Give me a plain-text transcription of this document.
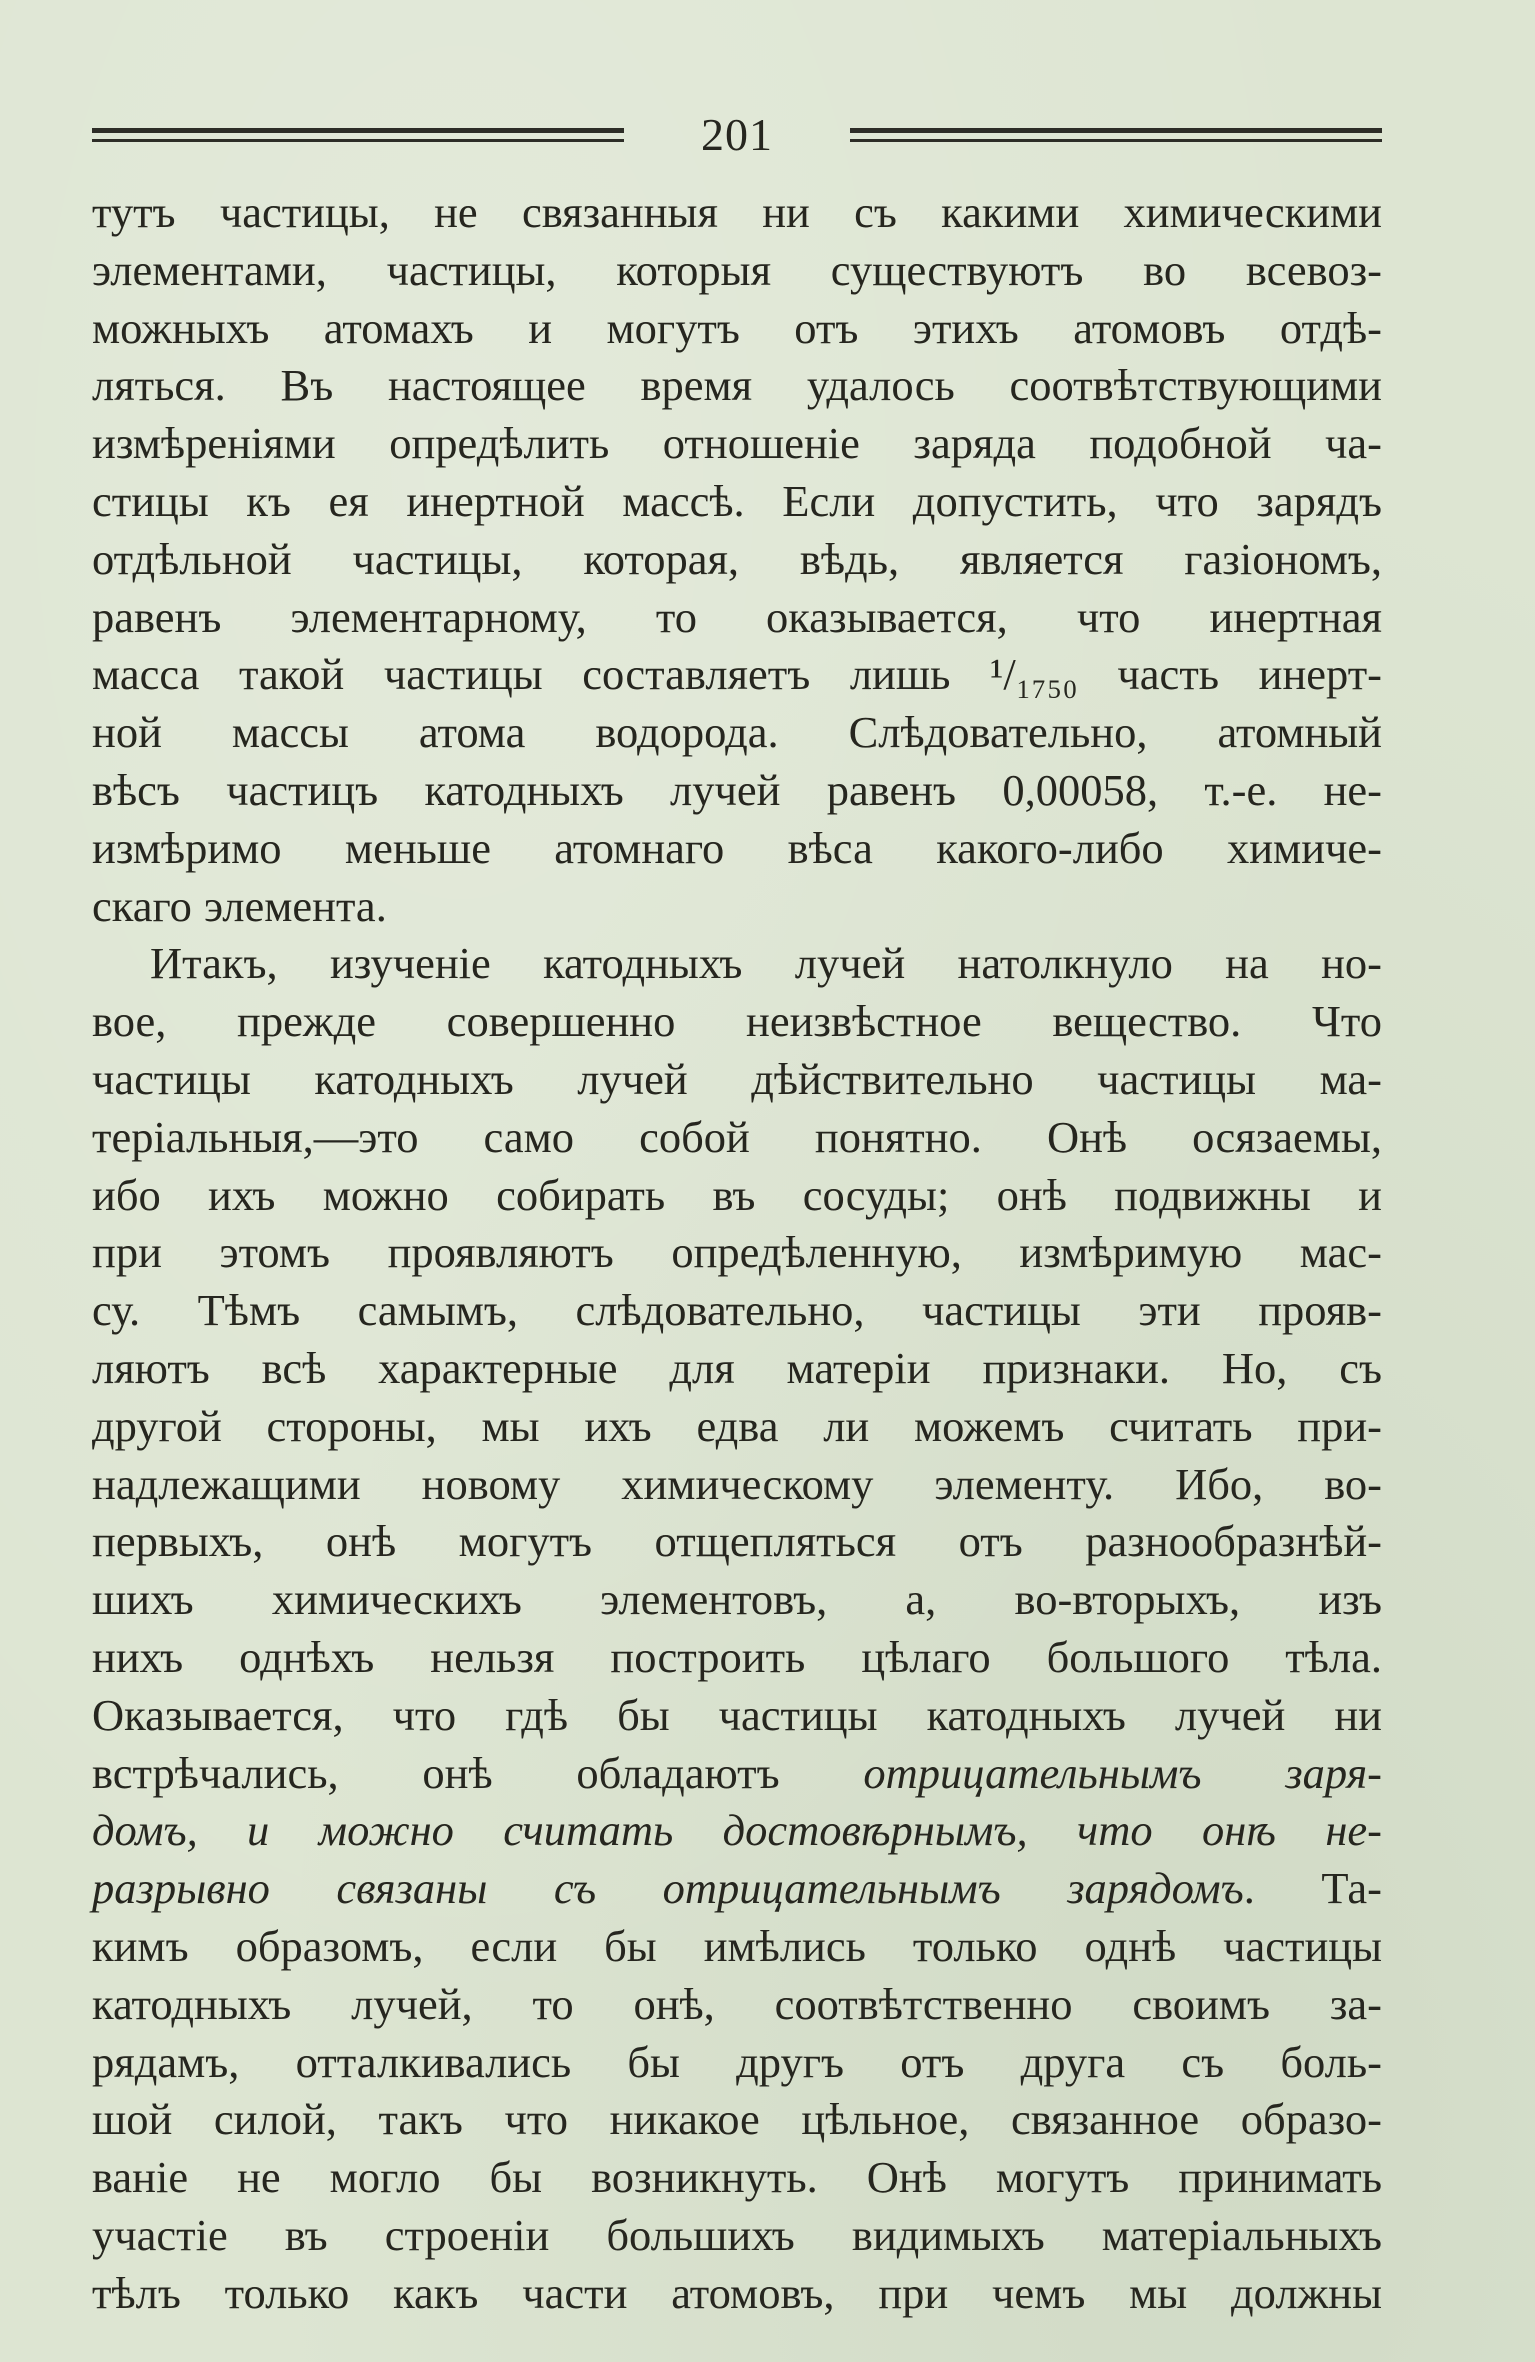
201

тутъ частицы, не связанныя ни съ какими химическими
элементами, частицы, которыя существуютъ во всевоз-
можныхъ атомахъ и могутъ отъ этихъ атомовъ отдѣ-
ляться. Въ настоящее время удалось соотвѣтствующими
измѣреніями опредѣлить отношеніе заряда подобной ча-
стицы къ ея инертной массѣ. Если допустить, что зарядъ
отдѣльной частицы, которая, вѣдь, является газіономъ,
равенъ элементарному, то оказывается, что инертная
масса такой частицы составляетъ лишь ¹/₁₇₅₀ часть инерт-
ной массы атома водорода. Слѣдовательно, атомный
вѣсъ частицъ катодныхъ лучей равенъ 0,00058, т.-е. не-
измѣримо меньше атомнаго вѣса какого-либо химиче-
скаго элемента.

Итакъ, изученіе катодныхъ лучей натолкнуло на но-
вое, прежде совершенно неизвѣстное вещество. Что
частицы катодныхъ лучей дѣйствительно частицы ма-
теріальныя,—это само собой понятно. Онѣ осязаемы,
ибо ихъ можно собирать въ сосуды; онѣ подвижны и
при этомъ проявляютъ опредѣленную, измѣримую мас-
су. Тѣмъ самымъ, слѣдовательно, частицы эти прояв-
ляютъ всѣ характерные для матеріи признаки. Но, съ
другой стороны, мы ихъ едва ли можемъ считать при-
надлежащими новому химическому элементу. Ибо, во-
первыхъ, онѣ могутъ отщепляться отъ разнообразнѣй-
шихъ химическихъ элементовъ, а, во-вторыхъ, изъ
нихъ однѣхъ нельзя построить цѣлаго большого тѣла.
Оказывается, что гдѣ бы частицы катодныхъ лучей ни
встрѣчались, онѣ обладаютъ отрицательнымъ заря-
домъ, и можно считать достовѣрнымъ, что онѣ не-
разрывно связаны съ отрицательнымъ зарядомъ. Та-
кимъ образомъ, если бы имѣлись только однѣ частицы
катодныхъ лучей, то онѣ, соотвѣтственно своимъ за-
рядамъ, отталкивались бы другъ отъ друга съ боль-
шой силой, такъ что никакое цѣльное, связанное образо-
ваніе не могло бы возникнуть. Онѣ могутъ принимать
участіе въ строеніи большихъ видимыхъ матеріальныхъ
тѣлъ только какъ части атомовъ, при чемъ мы должны
